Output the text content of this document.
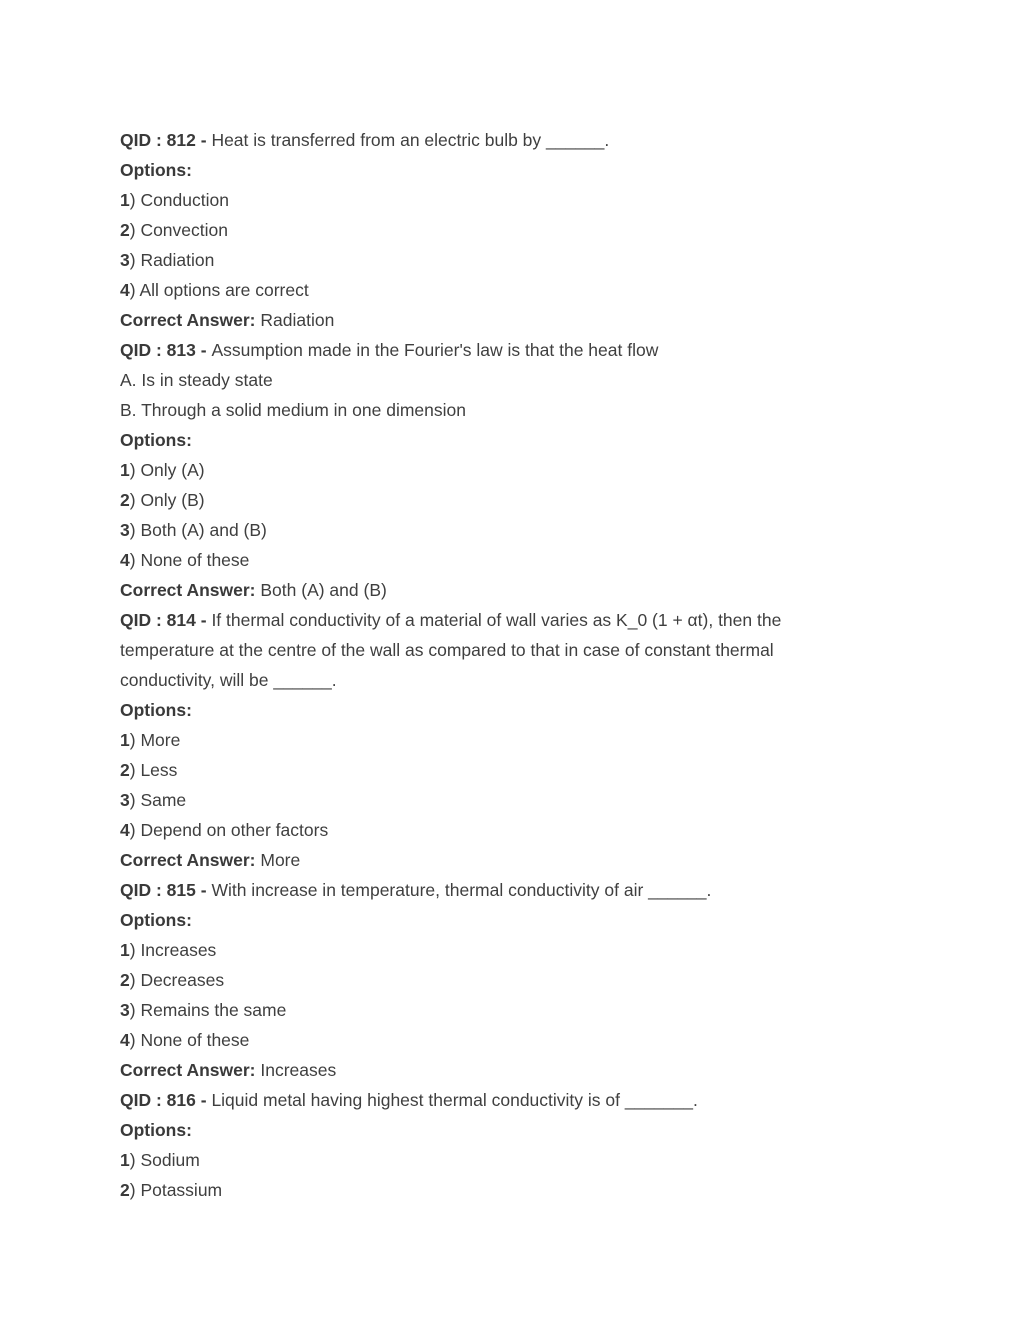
QID : 812 - Heat is transferred from an electric bulb by ______.
Options:
1) Conduction
2) Convection
3) Radiation
4) All options are correct
Correct Answer: Radiation
QID : 813 - Assumption made in the Fourier's law is that the heat flow
A. Is in steady state
B. Through a solid medium in one dimension
Options:
1) Only (A)
2) Only (B)
3) Both (A) and (B)
4) None of these
Correct Answer: Both (A) and (B)
QID : 814 - If thermal conductivity of a material of wall varies as K_0 (1 + αt), then the temperature at the centre of the wall as compared to that in case of constant thermal conductivity, will be ______.
Options:
1) More
2) Less
3) Same
4) Depend on other factors
Correct Answer: More
QID : 815 - With increase in temperature, thermal conductivity of air ______.
Options:
1) Increases
2) Decreases
3) Remains the same
4) None of these
Correct Answer: Increases
QID : 816 - Liquid metal having highest thermal conductivity is of _______.
Options:
1) Sodium
2) Potassium
